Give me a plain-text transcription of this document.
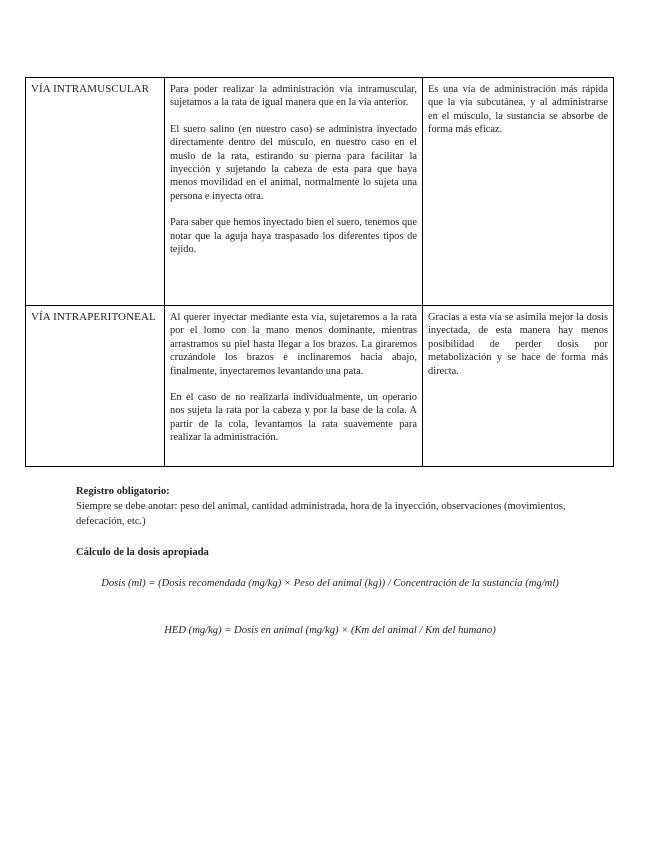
VÍA INTRAMUSCULAR	Para poder realizar la administración vía intramuscular, sujetamos a la rata de igual manera que en la vía anterior.

El suero salino (en nuestro caso) se administra inyectado directamente dentro del músculo, en nuestro caso en el muslo de la rata, estirando su pierna para facilitar la inyección y sujetando la cabeza de esta para que haya menos movilidad en el animal, normalmente lo sujeta una persona e inyecta otra.

Para saber que hemos inyectado bien el suero, tenemos que notar que la aguja haya traspasado los diferentes tipos de tejido.	Es una vía de administración más rápida que la vía subcutánea, y al administrarse en el músculo, la sustancia se absorbe de forma más eficaz.

VÍA INTRAPERITONEAL	Al querer inyectar mediante esta vía, sujetaremos a la rata por el lomo con la mano menos dominante, mientras arrastramos su piel hasta llegar a los brazos. La giraremos cruzándole los brazos e inclinaremos hacia abajo, finalmente, inyectaremos levantando una pata.

En el caso de no realizarla individualmente, un operario nos sujeta la rata por la cabeza y por la base de la cola. A partir de la cola, levantamos la rata suavemente para realizar la administración.	Gracias a esta vía se asimila mejor la dosis inyectada, de esta manera hay menos posibilidad de perder dosis por metabolización y se hace de forma más directa.

Registro obligatorio:
Siempre se debe anotar: peso del animal, cantidad administrada, hora de la inyección, observaciones (movimientos, defecación, etc.)
Cálculo de la dosis apropiada
Dosis (ml) = (Dosis recomendada (mg/kg) × Peso del animal (kg)) / Concentración de la sustancia (mg/ml)
HED (mg/kg) = Dosis en animal (mg/kg) × (Km del animal / Km del humano)
